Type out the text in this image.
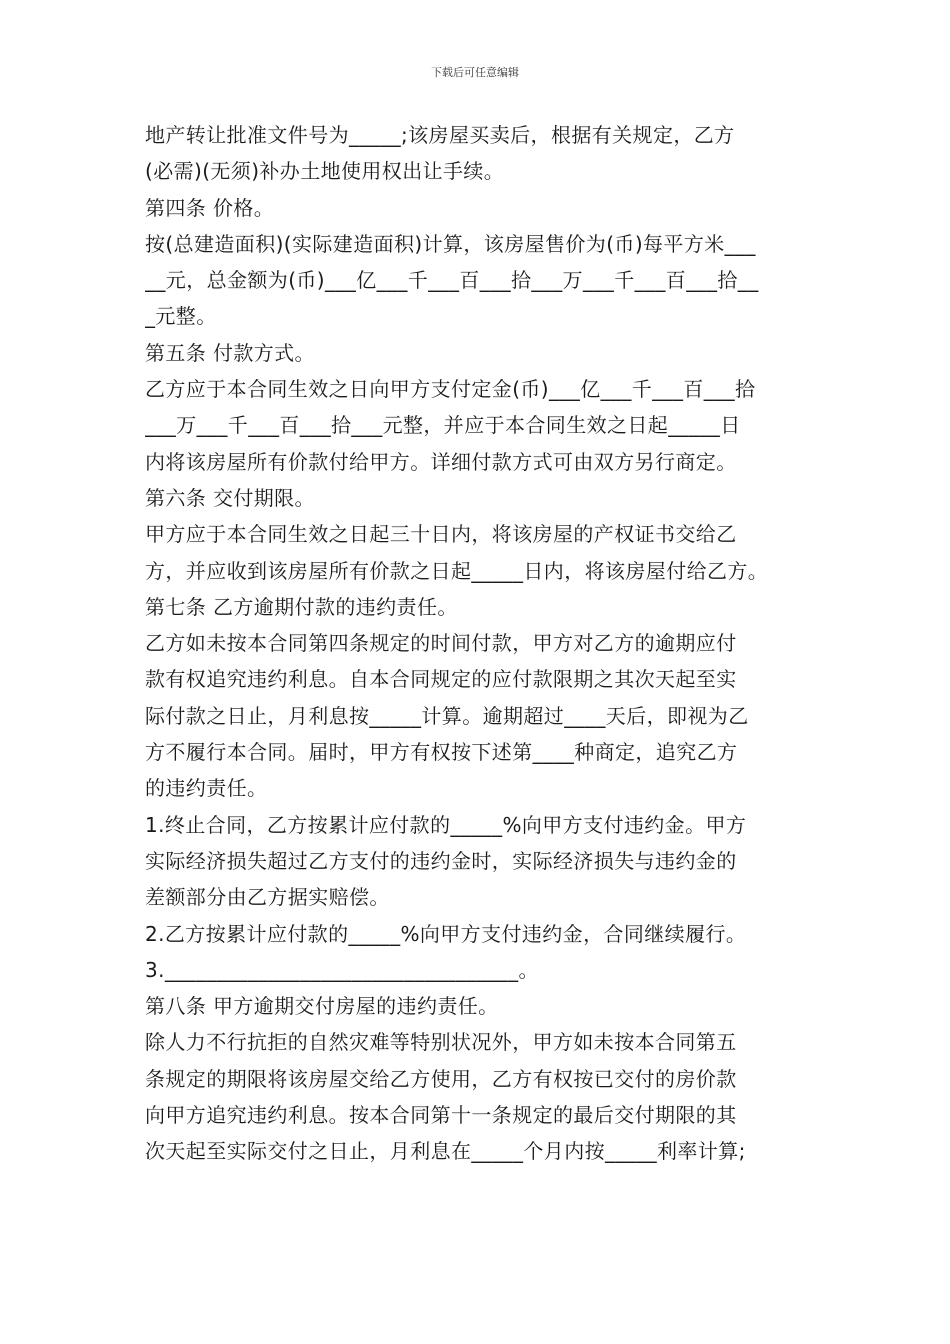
下载后可任意编辑
地产转让批准文件号为_____;该房屋买卖后，根据有关规定，乙方
(必需)(无须)补办土地使用权出让手续。
第四条 价格。
按(总建造面积)(实际建造面积)计算，该房屋售价为(币)每平方米___
__元，总金额为(币)___亿___千___百___拾___万___千___百___拾__
_元整。
第五条 付款方式。
乙方应于本合同生效之日向甲方支付定金(币)___亿___千___百___拾
___万___千___百___拾___元整，并应于本合同生效之日起_____日
内将该房屋所有价款付给甲方。详细付款方式可由双方另行商定。
第六条 交付期限。
甲方应于本合同生效之日起三十日内，将该房屋的产权证书交给乙
方，并应收到该房屋所有价款之日起_____日内，将该房屋付给乙方。
第七条 乙方逾期付款的违约责任。
乙方如未按本合同第四条规定的时间付款，甲方对乙方的逾期应付
款有权追究违约利息。自本合同规定的应付款限期之其次天起至实
际付款之日止，月利息按_____计算。逾期超过____天后，即视为乙
方不履行本合同。届时，甲方有权按下述第____种商定，追究乙方
的违约责任。
1.终止合同，乙方按累计应付款的_____%向甲方支付违约金。甲方
实际经济损失超过乙方支付的违约金时，实际经济损失与违约金的
差额部分由乙方据实赔偿。
2.乙方按累计应付款的_____%向甲方支付违约金，合同继续履行。
3.__________________________________。
第八条 甲方逾期交付房屋的违约责任。
除人力不行抗拒的自然灾难等特别状况外，甲方如未按本合同第五
条规定的期限将该房屋交给乙方使用，乙方有权按已交付的房价款
向甲方追究违约利息。按本合同第十一条规定的最后交付期限的其
次天起至实际交付之日止，月利息在_____个月内按_____利率计算;
